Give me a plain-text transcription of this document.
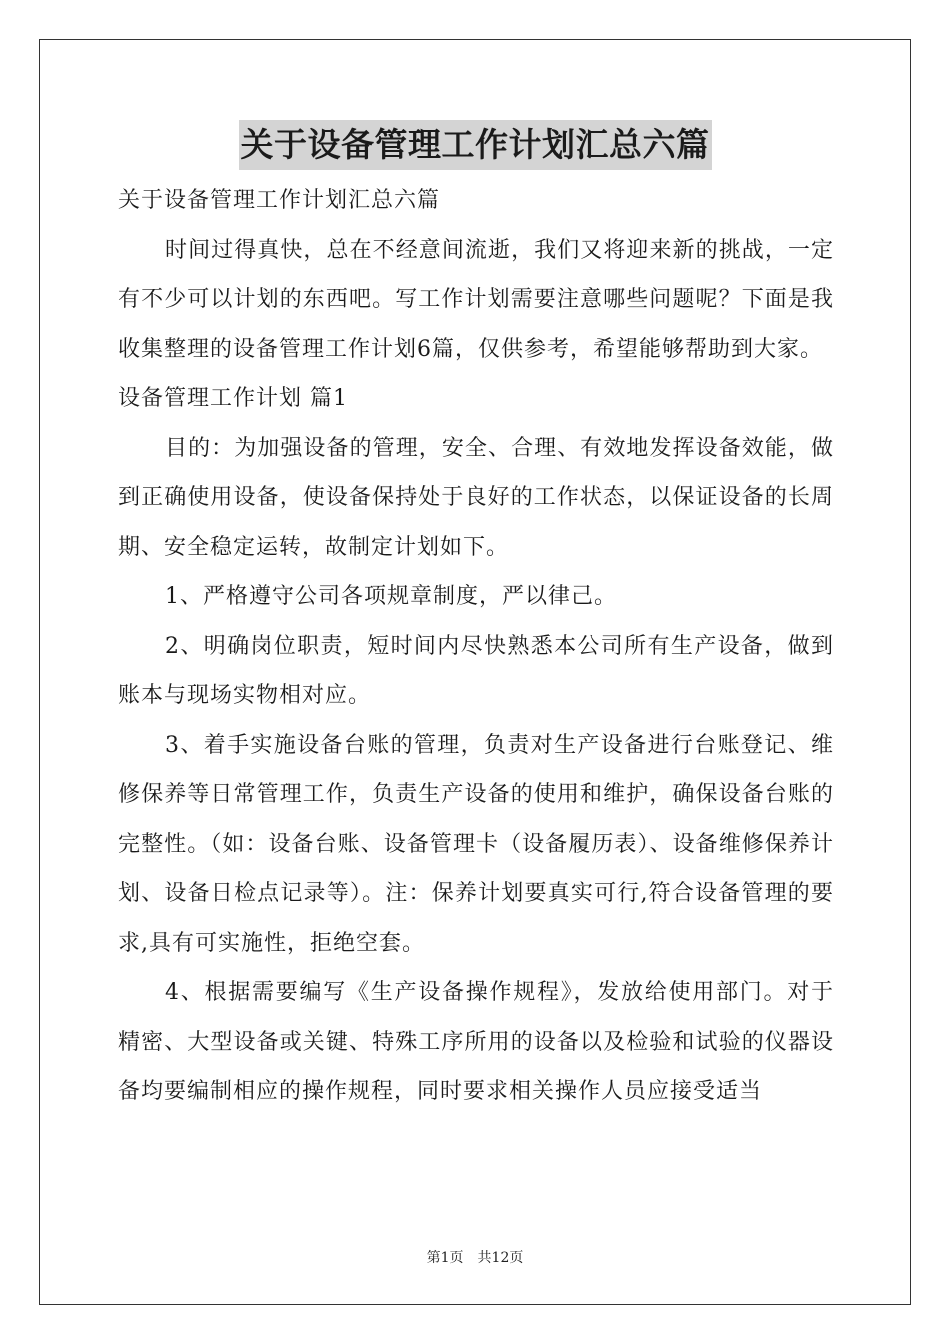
关于设备管理工作计划汇总六篇

关于设备管理工作计划汇总六篇

时间过得真快，总在不经意间流逝，我们又将迎来新的挑战，一定有不少可以计划的东西吧。写工作计划需要注意哪些问题呢？下面是我收集整理的设备管理工作计划6篇，仅供参考，希望能够帮助到大家。

设备管理工作计划 篇1

目的：为加强设备的管理，安全、合理、有效地发挥设备效能，做到正确使用设备，使设备保持处于良好的工作状态，以保证设备的长周期、安全稳定运转，故制定计划如下。

1、严格遵守公司各项规章制度，严以律己。

2、明确岗位职责，短时间内尽快熟悉本公司所有生产设备，做到账本与现场实物相对应。

3、着手实施设备台账的管理，负责对生产设备进行台账登记、维修保养等日常管理工作，负责生产设备的使用和维护，确保设备台账的完整性。（如：设备台账、设备管理卡（设备履历表）、设备维修保养计划、设备日检点记录等）。注：保养计划要真实可行,符合设备管理的要求,具有可实施性，拒绝空套。

4、根据需要编写《生产设备操作规程》，发放给使用部门。对于精密、大型设备或关键、特殊工序所用的设备以及检验和试验的仪器设备均要编制相应的操作规程，同时要求相关操作人员应接受适当

第1页 共12页
